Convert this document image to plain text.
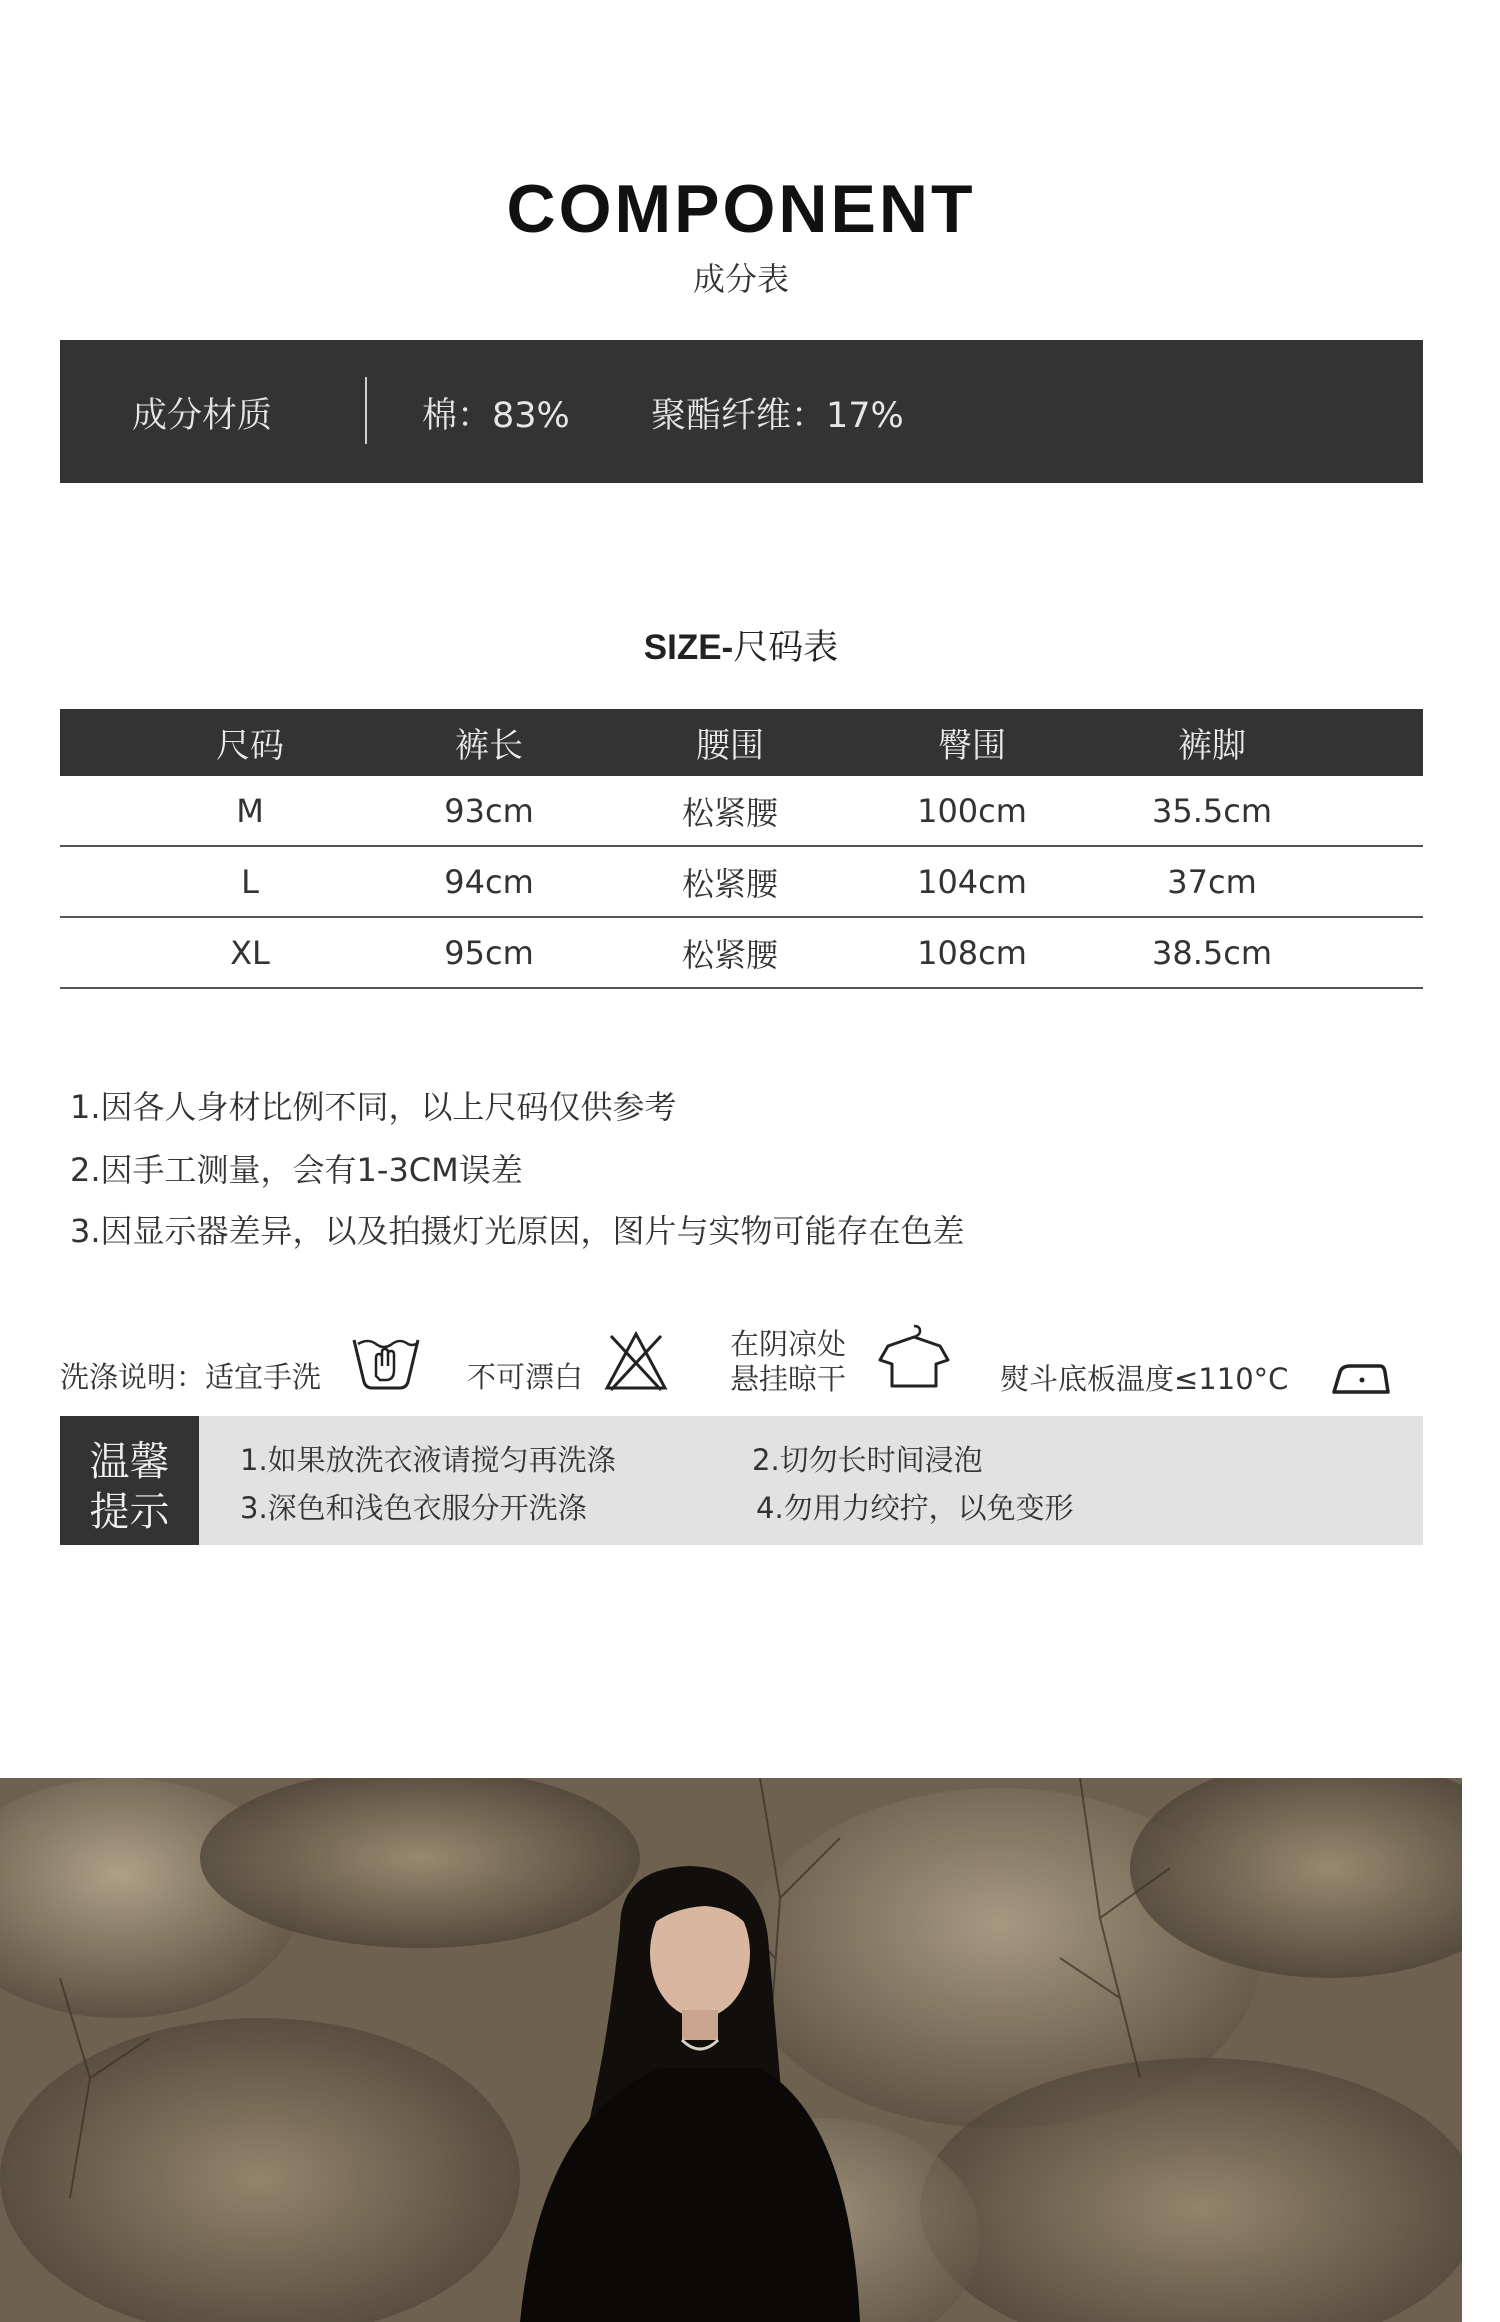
COMPONENT
成分表
成分材质	棉：83% 聚酯纤维：17%
SIZE-尺码表
尺码	裤长	腰围	臀围	裤脚
M	93cm	松紧腰	100cm	35.5cm
L	94cm	松紧腰	104cm	37cm
XL	95cm	松紧腰	108cm	38.5cm
1.因各人身材比例不同，以上尺码仅供参考
2.因手工测量，会有1-3CM误差
3.因显示器差异，以及拍摄灯光原因，图片与实物可能存在色差
洗涤说明：适宜手洗	不可漂白
在阴凉处
悬挂晾干	熨斗底板温度≤110°C
温馨
提示
1.如果放洗衣液请搅匀再洗涤	2.切勿长时间浸泡
3.深色和浅色衣服分开洗涤	4.勿用力绞拧，以免变形
